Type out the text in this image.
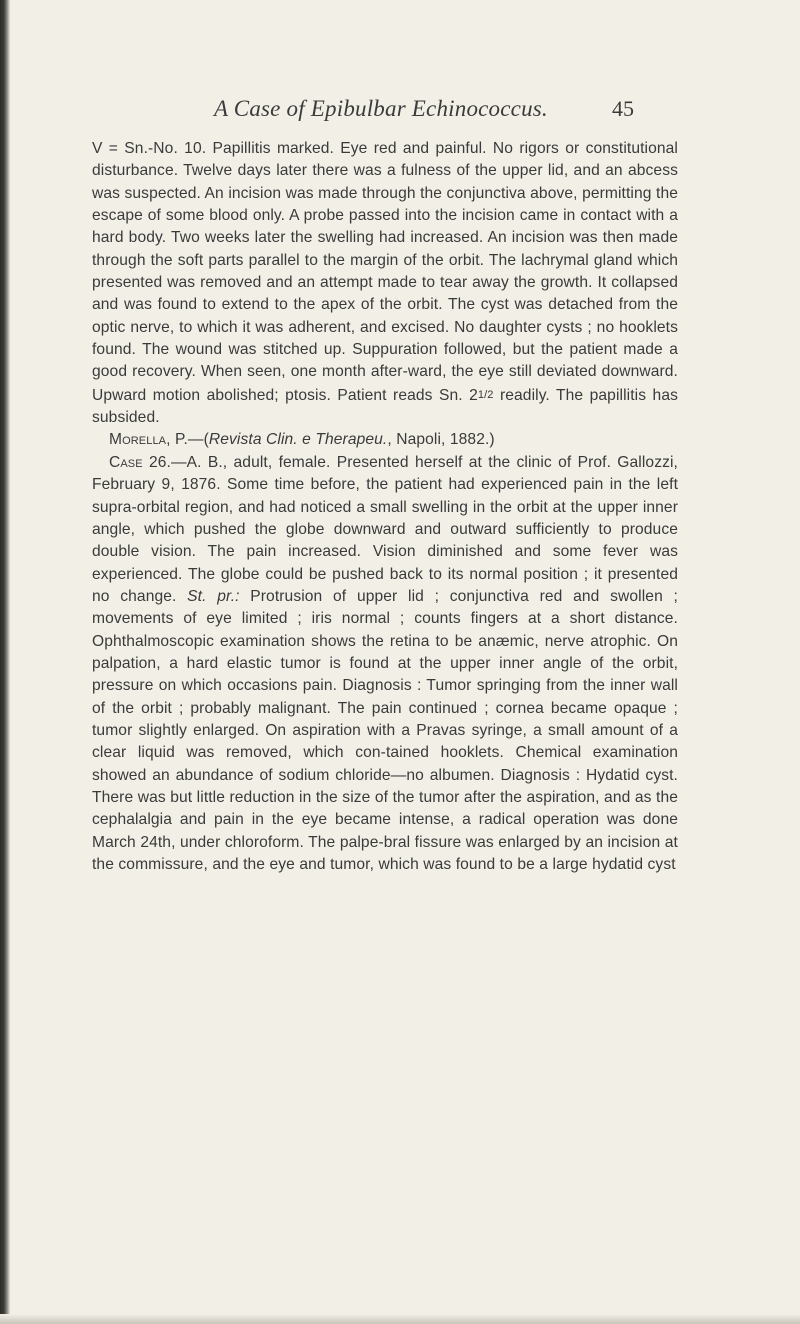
A Case of Epibulbar Echinococcus.	45

V = Sn.-No. 10. Papillitis marked. Eye red and painful. No rigors or constitutional disturbance. Twelve days later there was a fulness of the upper lid, and an abcess was suspected. An incision was made through the conjunctiva above, permitting the escape of some blood only. A probe passed into the incision came in contact with a hard body. Two weeks later the swelling had increased. An incision was then made through the soft parts parallel to the margin of the orbit. The lachrymal gland which presented was removed and an attempt made to tear away the growth. It collapsed and was found to extend to the apex of the orbit. The cyst was detached from the optic nerve, to which it was adherent, and excised. No daughter cysts ; no hooklets found. The wound was stitched up. Suppuration followed, but the patient made a good recovery. When seen, one month after-ward, the eye still deviated downward. Upward motion abolished; ptosis. Patient reads Sn. 21/2 readily. The papillitis has subsided.

Morella, P.—(Revista Clin. e Therapeu., Napoli, 1882.)

Case 26.—A. B., adult, female. Presented herself at the clinic of Prof. Gallozzi, February 9, 1876. Some time before, the patient had experienced pain in the left supra-orbital region, and had noticed a small swelling in the orbit at the upper inner angle, which pushed the globe downward and outward sufficiently to produce double vision. The pain increased. Vision diminished and some fever was experienced. The globe could be pushed back to its normal position ; it presented no change. St. pr.: Protrusion of upper lid ; conjunctiva red and swollen ; movements of eye limited ; iris normal ; counts fingers at a short distance. Ophthalmoscopic examination shows the retina to be anæmic, nerve atrophic. On palpation, a hard elastic tumor is found at the upper inner angle of the orbit, pressure on which occasions pain. Diagnosis : Tumor springing from the inner wall of the orbit ; probably malignant. The pain continued ; cornea became opaque ; tumor slightly enlarged. On aspiration with a Pravas syringe, a small amount of a clear liquid was removed, which con-tained hooklets. Chemical examination showed an abundance of sodium chloride—no albumen. Diagnosis : Hydatid cyst. There was but little reduction in the size of the tumor after the aspiration, and as the cephalalgia and pain in the eye became intense, a radical operation was done March 24th, under chloroform. The palpe-bral fissure was enlarged by an incision at the commissure, and the eye and tumor, which was found to be a large hydatid cyst
